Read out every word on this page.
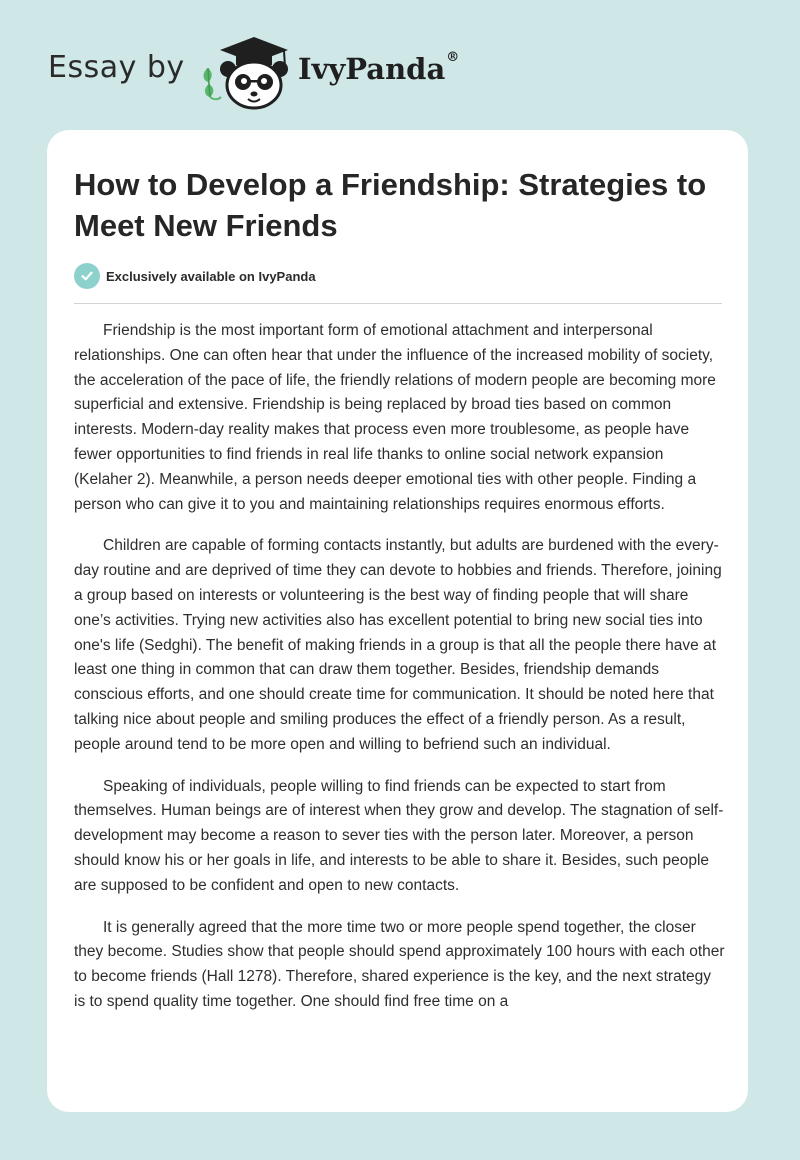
Essay by	IvyPanda®
How to Develop a Friendship: Strategies to Meet New Friends
Exclusively available on IvyPanda

Friendship is the most important form of emotional attachment and interpersonal relationships. One can often hear that under the influence of the increased mobility of society, the acceleration of the pace of life, the friendly relations of modern people are becoming more superficial and extensive. Friendship is being replaced by broad ties based on common interests. Modern-day reality makes that process even more troublesome, as people have fewer opportunities to find friends in real life thanks to online social network expansion (Kelaher 2). Meanwhile, a person needs deeper emotional ties with other people. Finding a person who can give it to you and maintaining relationships requires enormous efforts.

Children are capable of forming contacts instantly, but adults are burdened with the every-day routine and are deprived of time they can devote to hobbies and friends. Therefore, joining a group based on interests or volunteering is the best way of finding people that will share one’s activities. Trying new activities also has excellent potential to bring new social ties into one's life (Sedghi). The benefit of making friends in a group is that all the people there have at least one thing in common that can draw them together. Besides, friendship demands conscious efforts, and one should create time for communication. It should be noted here that talking nice about people and smiling produces the effect of a friendly person. As a result, people around tend to be more open and willing to befriend such an individual.

Speaking of individuals, people willing to find friends can be expected to start from themselves. Human beings are of interest when they grow and develop. The stagnation of self-development may become a reason to sever ties with the person later. Moreover, a person should know his or her goals in life, and interests to be able to share it. Besides, such people are supposed to be confident and open to new contacts.

It is generally agreed that the more time two or more people spend together, the closer they become. Studies show that people should spend approximately 100 hours with each other to become friends (Hall 1278). Therefore, shared experience is the key, and the next strategy is to spend quality time together. One should find free time on a
